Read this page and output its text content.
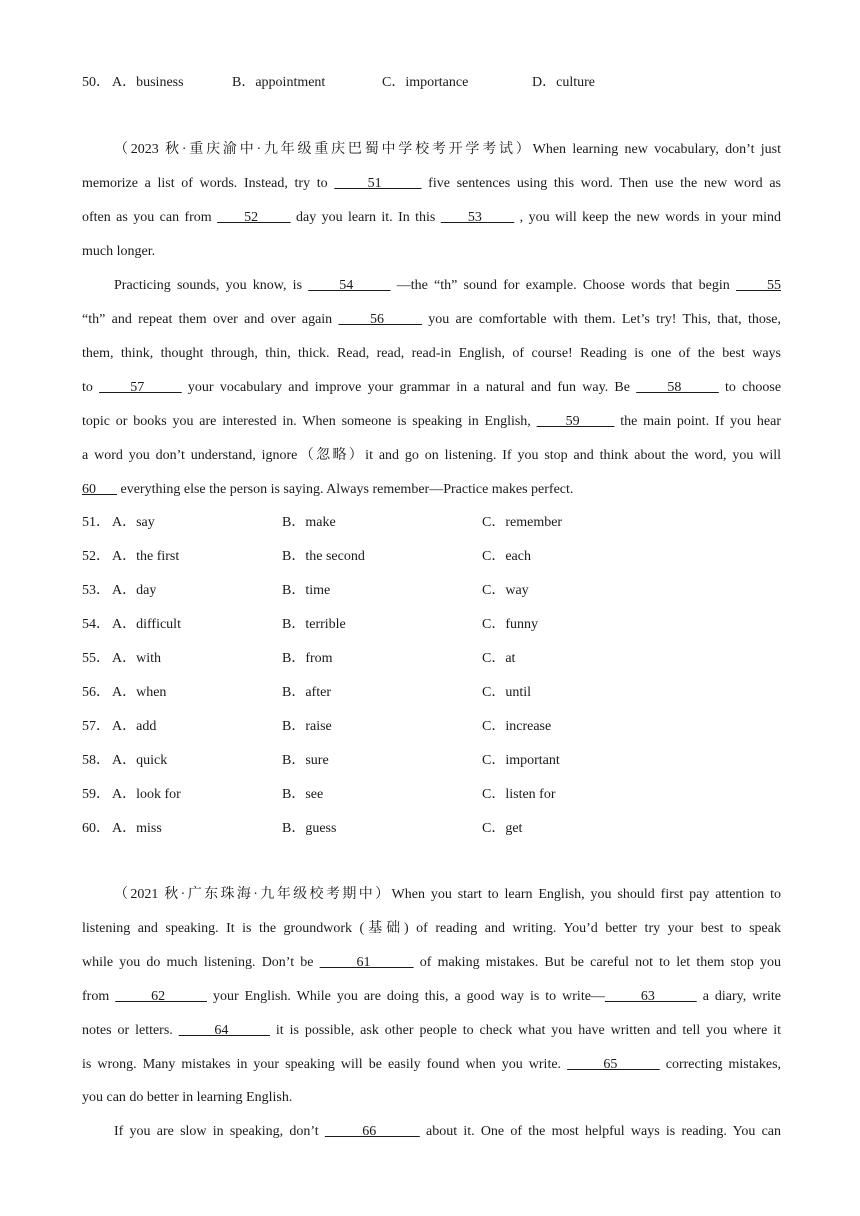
50． A．business	B．appointment	C．importance	D．culture
（2023 秋·重庆渝中·九年级重庆巴蜀中学校考开学考试）When learning new vocabulary, don’t just
memorize a list of words. Instead, try to      51       five sentences using this word. Then use the new word as
often as you can from      52       day you learn it. In this      53       , you will keep the new words in your mind
much longer.
Practicing sounds, you know, is      54       —the “th” sound for example. Choose words that begin      55
“th” and repeat them over and over again      56       you are comfortable with them. Let’s try! This, that, those,
them, think, thought through, thin, thick. Read, read, read-in English, of course! Reading is one of the best ways
to      57       your vocabulary and improve your grammar in a natural and fun way. Be      58       to choose
topic or books you are interested in. When someone is speaking in English,      59       the main point. If you hear
a word you don’t understand, ignore（忽略）it and go on listening. If you stop and think about the word, you will
60       everything else the person is saying. Always remember—Practice makes perfect.
51． A．say	B．make	C．remember
52． A．the first	B．the second	C．each
53． A．day	B．time	C．way
54． A．difficult	B．terrible	C．funny
55． A．with	B．from	C．at
56． A．when	B．after	C．until
57． A．add	B．raise	C．increase
58． A．quick	B．sure	C．important
59． A．look for	B．see	C．listen for
60． A．miss	B．guess	C．get
（2021 秋·广东珠海·九年级校考期中）When you start to learn English, you should first pay attention to
listening and speaking. It is the groundwork (基础) of reading and writing. You’d better try your best to speak
while you do much listening. Don’t be       61        of making mistakes. But be careful not to let them stop you
from       62        your English. While you are doing this, a good way is to write—      63        a diary, write
notes or letters.       64        it is possible, ask other people to check what you have written and tell you where it
is wrong. Many mistakes in your speaking will be easily found when you write.       65        correcting mistakes,
you can do better in learning English.
If you are slow in speaking, don’t       66        about it. One of the most helpful ways is reading. You can
